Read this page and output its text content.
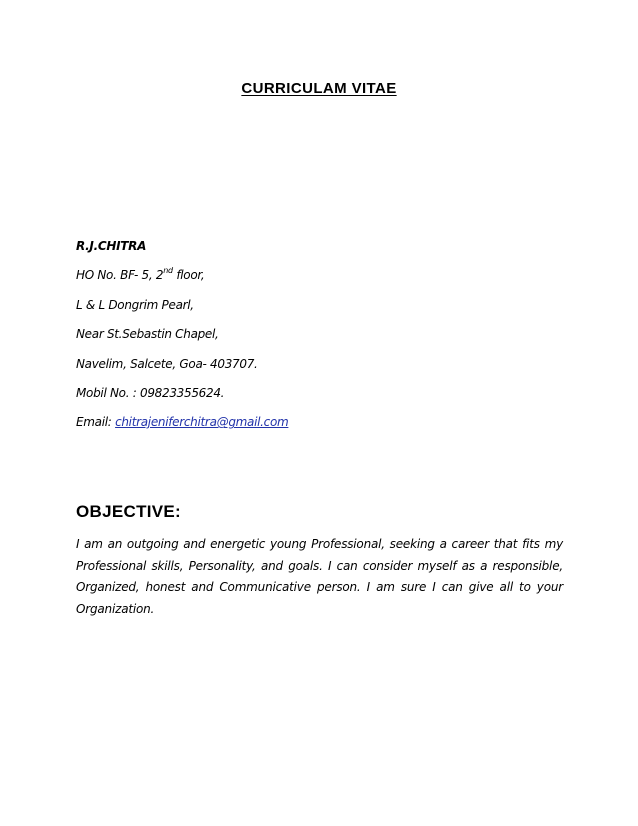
CURRICULAM VITAE
R.J.CHITRA
HO No. BF- 5, 2nd floor,
L & L Dongrim Pearl,
Near St.Sebastin Chapel,
Navelim, Salcete, Goa- 403707.
Mobil No. : 09823355624.
Email: chitrajeniferchitra@gmail.com
OBJECTIVE:
I am an outgoing and energetic young Professional, seeking a career that fits my Professional skills, Personality, and goals. I can consider myself as a responsible, Organized, honest and Communicative person. I am sure I can give all to your Organization.
